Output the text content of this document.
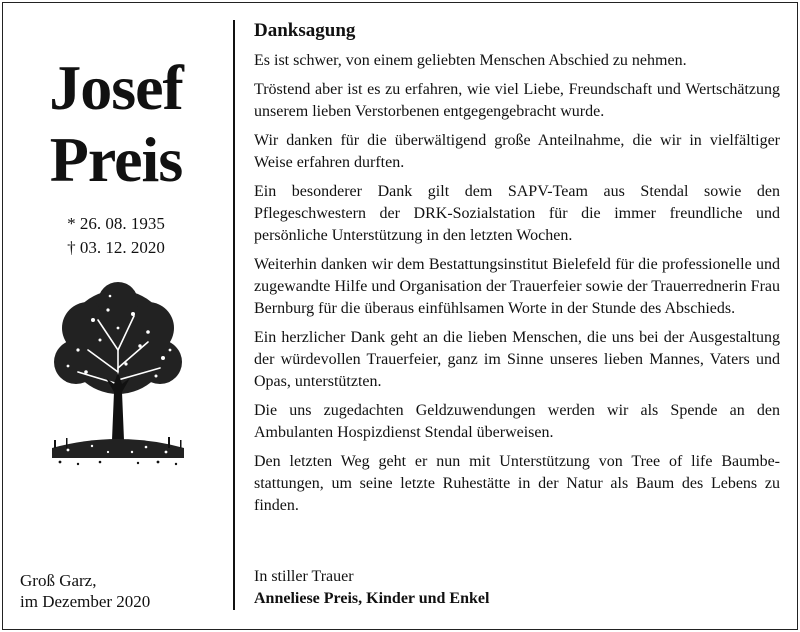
Josef
Preis
* 26. 08. 1935
† 03. 12. 2020
Groß Garz,
im Dezember 2020
Danksagung

Es ist schwer, von einem geliebten Menschen Abschied zu nehmen.

Tröstend aber ist es zu erfahren, wie viel Liebe, Freundschaft und Wertschätzung unserem lieben Verstorbenen entgegengebracht wurde.

Wir danken für die überwältigend große Anteilnahme, die wir in vielfältiger Weise erfahren durften.

Ein besonderer Dank gilt dem SAPV-Team aus Stendal sowie den Pflegeschwestern der DRK-Sozialstation für die immer freundliche und persönliche Unterstützung in den letzten Wochen.

Weiterhin danken wir dem Bestattungsinstitut Bielefeld für die professionelle und zugewandte Hilfe und Organisation der Trauerfeier sowie der Trauerrednerin Frau Bernburg für die überaus einfühlsamen Worte in der Stunde des Abschieds.

Ein herzlicher Dank geht an die lieben Menschen, die uns bei der Ausgestaltung der würdevollen Trauerfeier, ganz im Sinne unseres lieben Mannes, Vaters und Opas, unterstützten.

Die uns zugedachten Geldzuwendungen werden wir als Spende an den Ambulanten Hospizdienst Stendal überweisen.

Den letzten Weg geht er nun mit Unterstützung von Tree of life Baumbestattungen, um seine letzte Ruhestätte in der Natur als Baum des Lebens zu finden.

In stiller Trauer
Anneliese Preis, Kinder und Enkel
